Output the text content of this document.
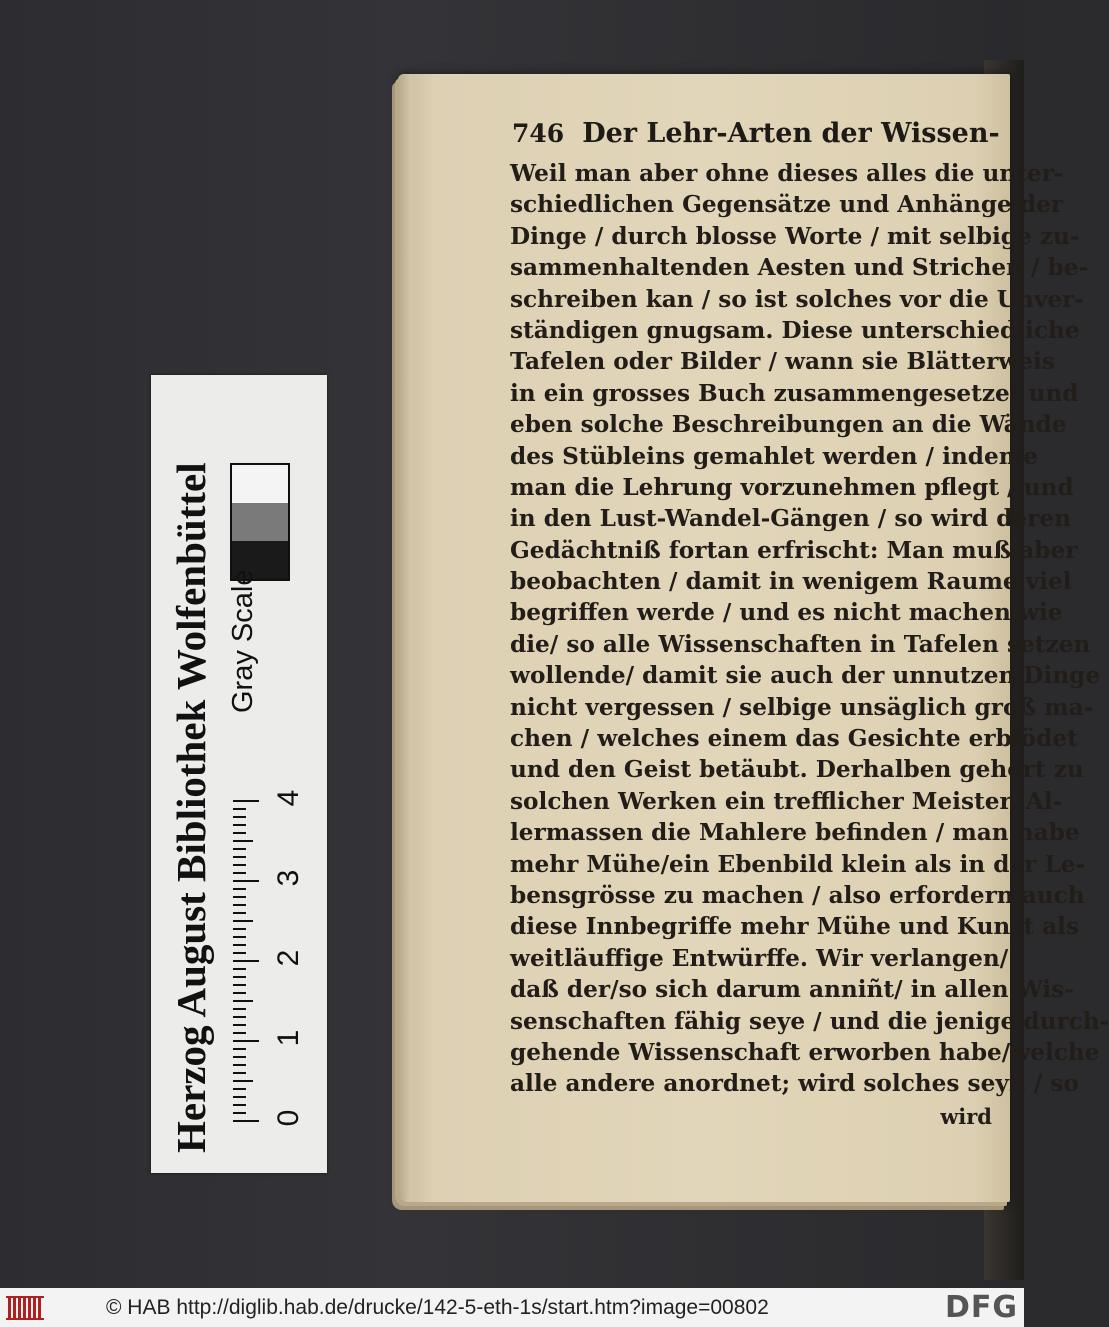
746 Der Lehr-Arten der Wissen-
Weil man aber ohne dieses alles die unter-
schiedlichen Gegensätze und Anhänge der
Dinge / durch blosse Worte / mit selbige zu-
sammenhaltenden Aesten und Strichen / be-
schreiben kan / so ist solches vor die Unver-
ständigen gnugsam. Diese unterschiedliche
Tafelen oder Bilder / wann sie Blätterweis
in ein grosses Buch zusammengesetzet und
eben solche Beschreibungen an die Wände
des Stübleins gemahlet werden / indeme
man die Lehrung vorzunehmen pflegt / und
in den Lust-Wandel-Gängen / so wird deren
Gedächtniß fortan erfrischt: Man muß aber
beobachten / damit in wenigem Raume viel
begriffen werde / und es nicht machen wie
die/ so alle Wissenschaften in Tafelen setzen
wollende/ damit sie auch der unnutzen Dinge
nicht vergessen / selbige unsäglich groß ma-
chen / welches einem das Gesichte erblödet
und den Geist betäubt. Derhalben gehört zu
solchen Werken ein trefflicher Meister. Al-
lermassen die Mahlere befinden / man habe
mehr Mühe/ein Ebenbild klein als in der Le-
bensgrösse zu machen / also erfordern auch
diese Innbegriffe mehr Mühe und Kunst als
weitläuffige Entwürffe. Wir verlangen/
daß der/so sich darum anniñt/ in allen Wis-
senschaften fähig seye / und die jenige durch-
gehende Wissenschaft erworben habe/welche
alle andere anordnet; wird solches seyn / so
wird
Herzog August Bibliothek Wolfenbüttel Gray Scale
0
1
2
3
4
© HAB http://diglib.hab.de/drucke/142-5-eth-1s/start.htm?image=00802	DFG
